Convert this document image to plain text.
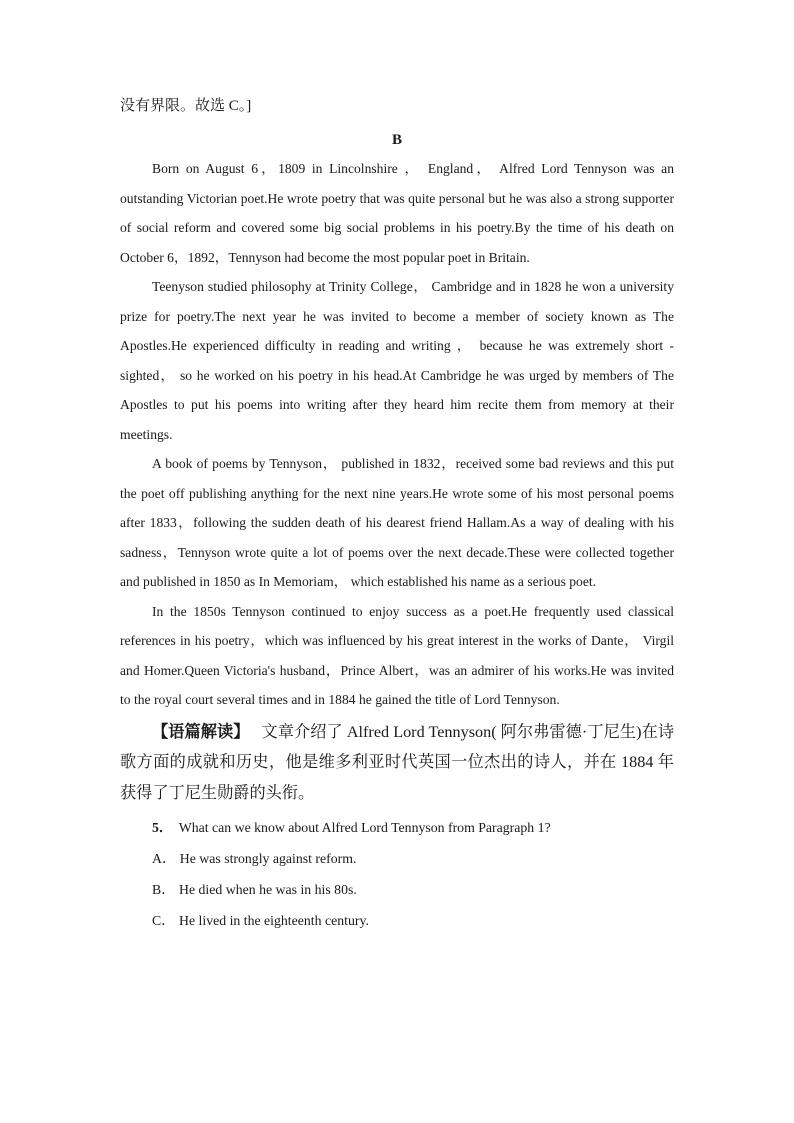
没有界限。故选 C。]

B

Born on August 6，1809 in Lincolnshire ， England， Alfred Lord Tennyson was an outstanding Victorian poet.He wrote poetry that was quite personal but he was also a strong supporter of social reform and covered some big social problems in his poetry.By the time of his death on October 6，1892，Tennyson had become the most popular poet in Britain.

Teenyson studied philosophy at Trinity College， Cambridge and in 1828 he won a university prize for poetry.The next year he was invited to become a member of society known as The Apostles.He experienced difficulty in reading and writing ， because he was extremely short - sighted， so he worked on his poetry in his head.At Cambridge he was urged by members of The Apostles to put his poems into writing after they heard him recite them from memory at their meetings.

A book of poems by Tennyson， published in 1832，received some bad reviews and this put the poet off publishing anything for the next nine years.He wrote some of his most personal poems after 1833，following the sudden death of his dearest friend Hallam.As a way of dealing with his sadness，Tennyson wrote quite a lot of poems over the next decade.These were collected together and published in 1850 as In Memoriam， which established his name as a serious poet.

In the 1850s Tennyson continued to enjoy success as a poet.He frequently used classical references in his poetry，which was influenced by his great interest in the works of Dante， Virgil and Homer.Queen Victoria's husband，Prince Albert，was an admirer of his works.He was invited to the royal court several times and in 1884 he gained the title of Lord Tennyson.

【语篇解读】 文章介绍了 Alfred Lord Tennyson( 阿尔弗雷德·丁尼生)在诗歌方面的成就和历史，他是维多利亚时代英国一位杰出的诗人，并在 1884 年获得了丁尼生勋爵的头衔。

5． What can we know about Alfred Lord Tennyson from Paragraph 1?

A． He was strongly against reform.

B． He died when he was in his 80s.

C． He lived in the eighteenth century.
